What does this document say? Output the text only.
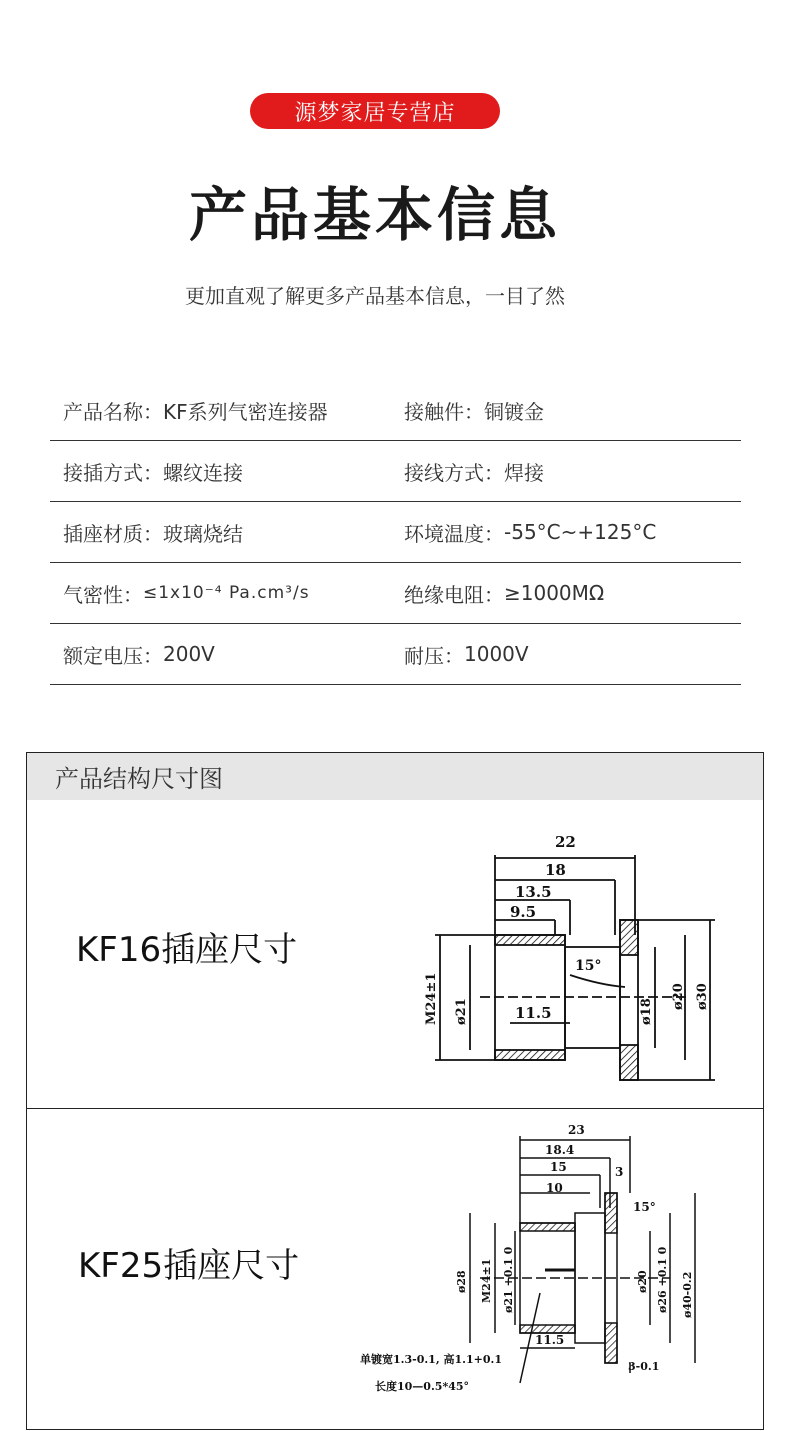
源梦家居专营店
产品基本信息
更加直观了解更多产品基本信息，一目了然
产品名称： KF系列气密连接器	接触件： 铜镀金
接插方式： 螺纹连接	接线方式： 焊接
插座材质： 玻璃烧结	环境温度： -55°C~+125°C
气密性： ≤1x10⁻⁴ Pa.cm³/s	绝缘电阻： ≥1000MΩ
额定电压： 200V	耐压： 1000V
产品结构尺寸图
KF16插座尺寸
KF25插座尺寸
22
18
13.5
9.5
11.5
15°
M24±1 ø21	ø18
ø20 ø30
23
18.4
15	3
10
15°
ø28 M24±1 ø21 +0.1 0	ø20 ø26 +0.1 0 ø40-0.2
11.5
3-0.1
单镀宽1.3-0.1, 高1.1+0.1
长度10—0.5*45°
